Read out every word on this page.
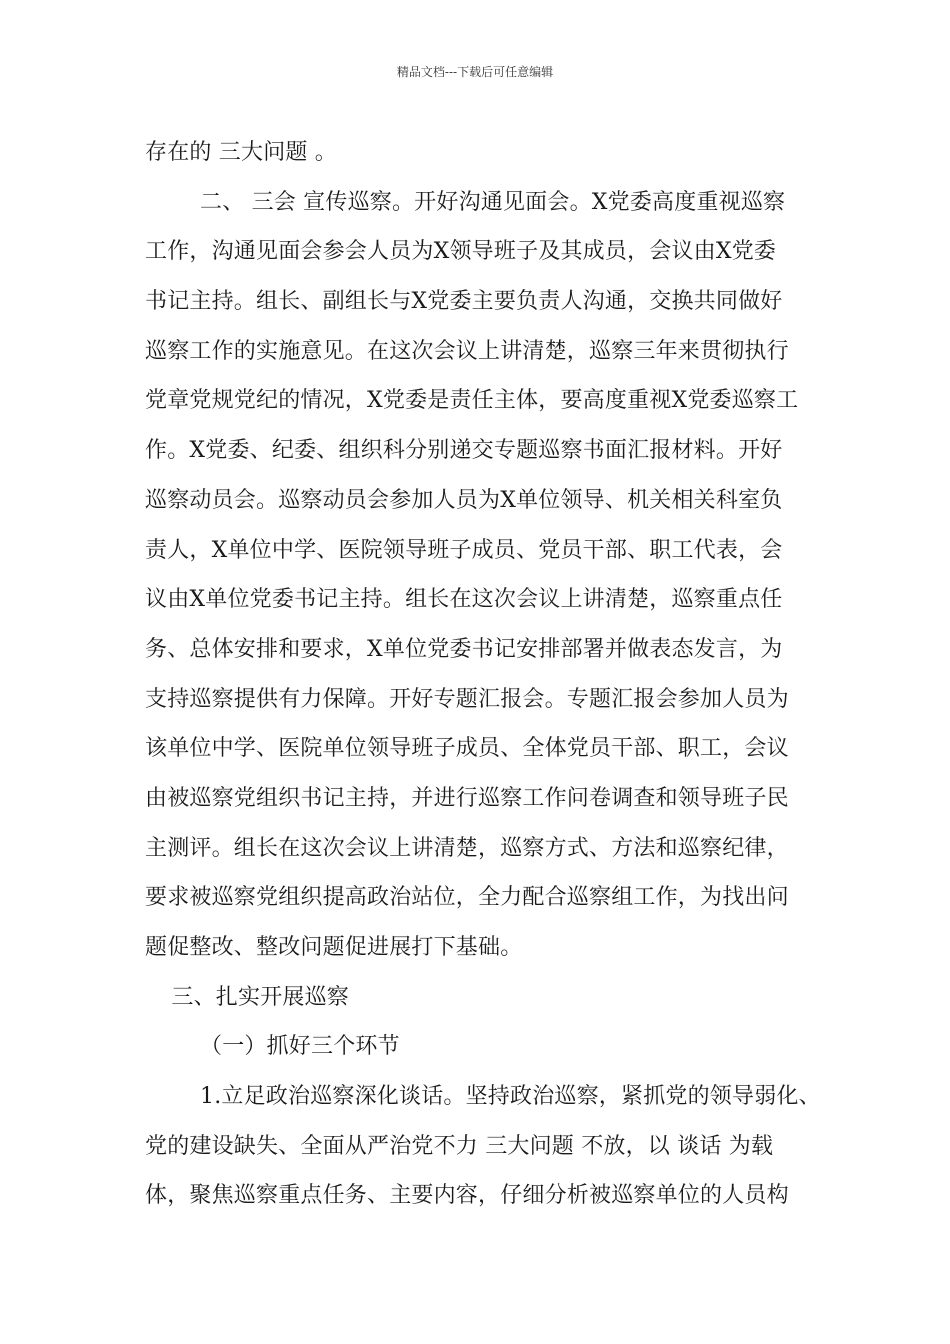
精品文档---下载后可任意编辑
存在的 三大问题 。
二、 三会 宣传巡察。开好沟通见面会。X党委高度重视巡察
工作，沟通见面会参会人员为X领导班子及其成员，会议由X党委
书记主持。组长、副组长与X党委主要负责人沟通，交换共同做好
巡察工作的实施意见。在这次会议上讲清楚，巡察三年来贯彻执行
党章党规党纪的情况，X党委是责任主体，要高度重视X党委巡察工
作。X党委、纪委、组织科分别递交专题巡察书面汇报材料。开好
巡察动员会。巡察动员会参加人员为X单位领导、机关相关科室负
责人，X单位中学、医院领导班子成员、党员干部、职工代表，会
议由X单位党委书记主持。组长在这次会议上讲清楚，巡察重点任
务、总体安排和要求，X单位党委书记安排部署并做表态发言，为
支持巡察提供有力保障。开好专题汇报会。专题汇报会参加人员为
该单位中学、医院单位领导班子成员、全体党员干部、职工，会议
由被巡察党组织书记主持，并进行巡察工作问卷调查和领导班子民
主测评。组长在这次会议上讲清楚，巡察方式、方法和巡察纪律，
要求被巡察党组织提高政治站位，全力配合巡察组工作，为找出问
题促整改、整改问题促进展打下基础。
三、扎实开展巡察
（一）抓好三个环节
1.立足政治巡察深化谈话。坚持政治巡察，紧抓党的领导弱化、
党的建设缺失、全面从严治党不力 三大问题 不放，以 谈话 为载
体，聚焦巡察重点任务、主要内容，仔细分析被巡察单位的人员构
